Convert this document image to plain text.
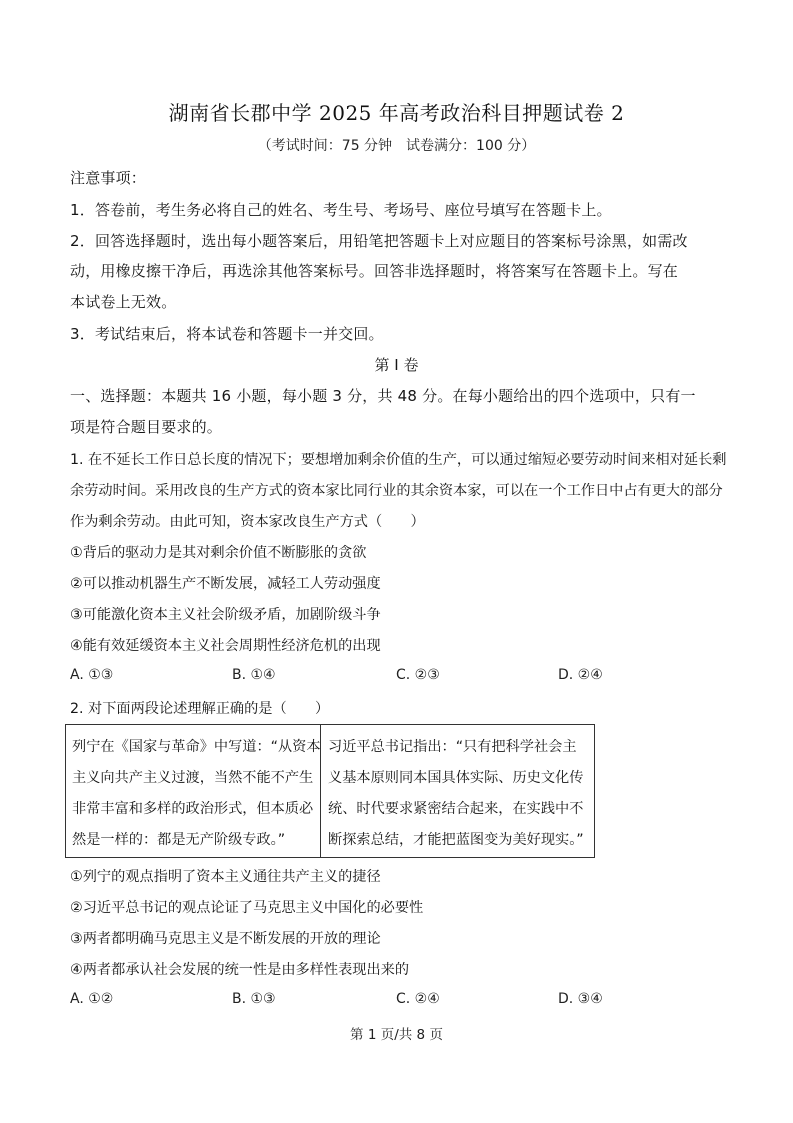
湖南省长郡中学 2025 年高考政治科目押题试卷 2
（考试时间：75 分钟　试卷满分：100 分）
注意事项：
1．答卷前，考生务必将自己的姓名、考生号、考场号、座位号填写在答题卡上。
2．回答选择题时，选出每小题答案后，用铅笔把答题卡上对应题目的答案标号涂黑，如需改
动，用橡皮擦干净后，再选涂其他答案标号。回答非选择题时，将答案写在答题卡上。写在
本试卷上无效。
3．考试结束后，将本试卷和答题卡一并交回。
第 I 卷
一、选择题：本题共 16 小题，每小题 3 分，共 48 分。在每小题给出的四个选项中，只有一
项是符合题目要求的。
1. 在不延长工作日总长度的情况下；要想增加剩余价值的生产，可以通过缩短必要劳动时间来相对延长剩
余劳动时间。采用改良的生产方式的资本家比同行业的其余资本家，可以在一个工作日中占有更大的部分
作为剩余劳动。由此可知，资本家改良生产方式（　　）
①背后的驱动力是其对剩余价值不断膨胀的贪欲
②可以推动机器生产不断发展，减轻工人劳动强度
③可能激化资本主义社会阶级矛盾，加剧阶级斗争
④能有效延缓资本主义社会周期性经济危机的出现
A. ①③	B. ①④	C. ②③	D. ②④
2. 对下面两段论述理解正确的是（　　）
列宁在《国家与革命》中写道：“从资本
主义向共产主义过渡，当然不能不产生
非常丰富和多样的政治形式，但本质必
然是一样的：都是无产阶级专政。”
习近平总书记指出：“只有把科学社会主
义基本原则同本国具体实际、历史文化传
统、时代要求紧密结合起来，在实践中不
断探索总结，才能把蓝图变为美好现实。”
①列宁的观点指明了资本主义通往共产主义的捷径
②习近平总书记的观点论证了马克思主义中国化的必要性
③两者都明确马克思主义是不断发展的开放的理论
④两者都承认社会发展的统一性是由多样性表现出来的
A. ①②	B. ①③	C. ②④	D. ③④
第 1 页/共 8 页
